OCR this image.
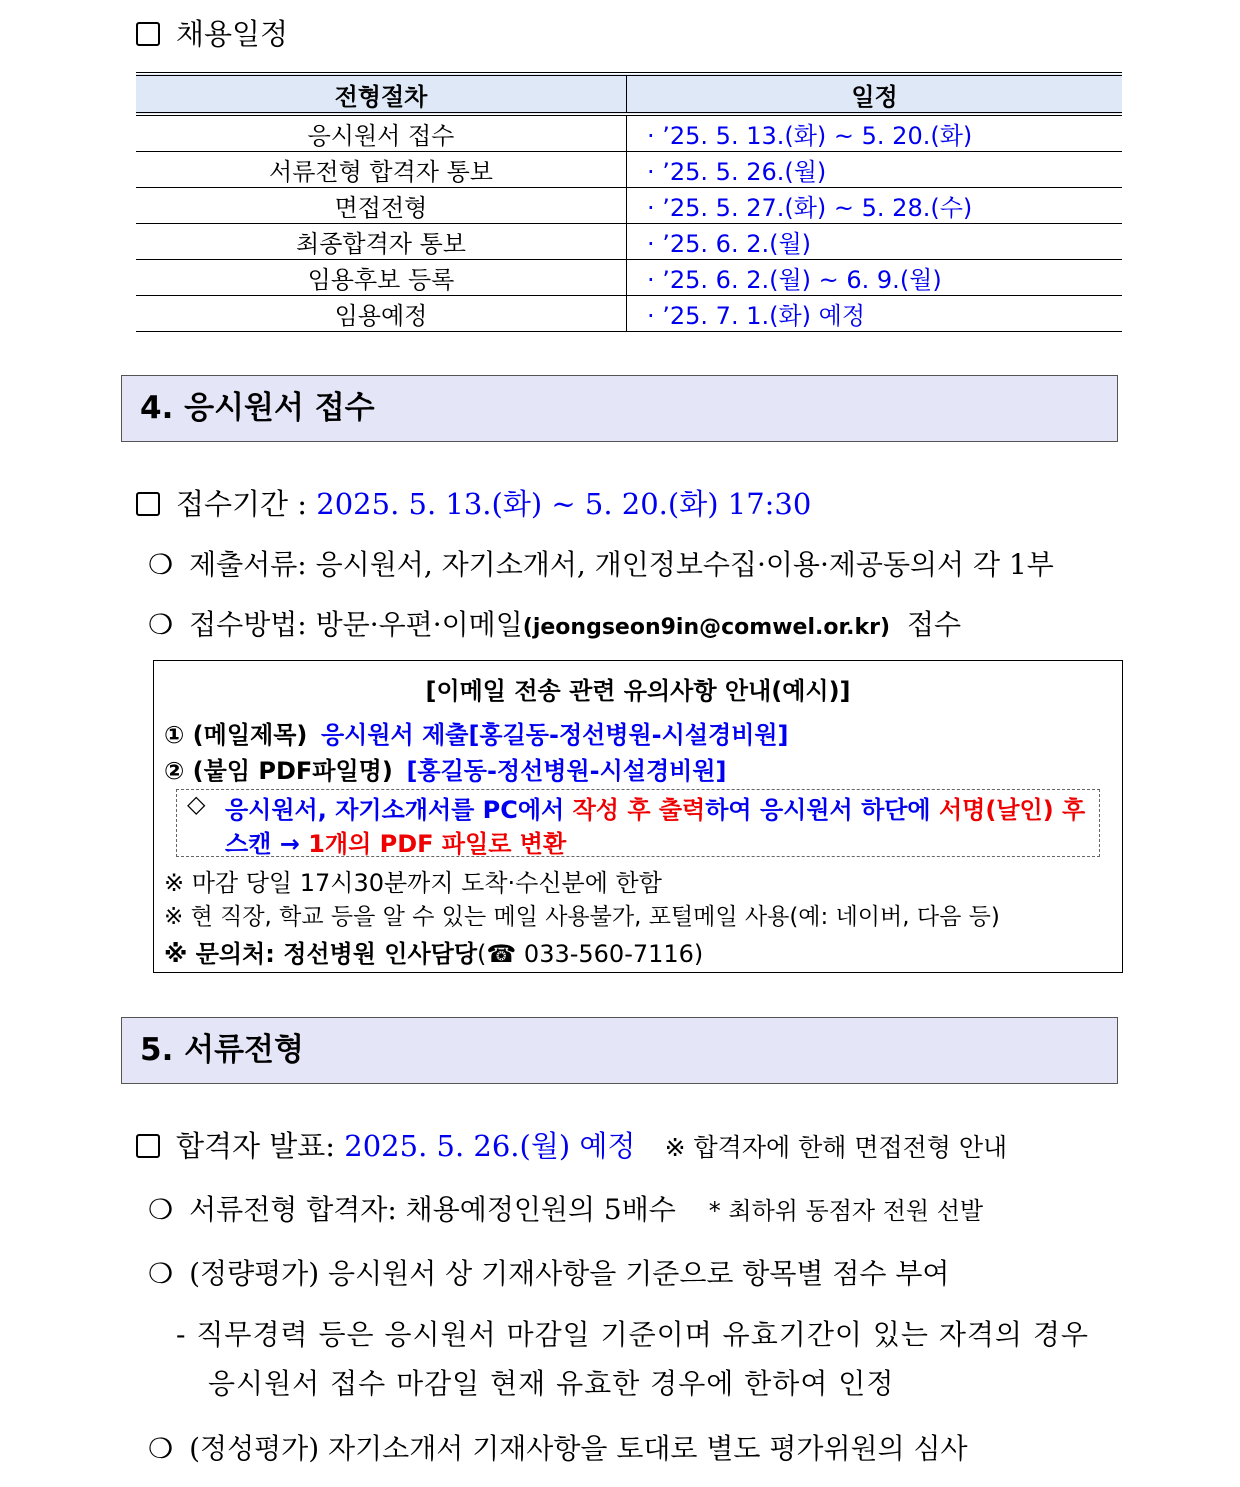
채용일정
전형절차	일정
응시원서 접수	· ’25. 5. 13.(화) ~ 5. 20.(화)
서류전형 합격자 통보	· ’25. 5. 26.(월)
면접전형	· ’25. 5. 27.(화) ~ 5. 28.(수)
최종합격자 통보	· ’25. 6. 2.(월)
임용후보 등록	· ’25. 6. 2.(월) ~ 6. 9.(월)
임용예정	· ’25. 7. 1.(화) 예정
4. 응시원서 접수
접수기간 : 2025. 5. 13.(화) ~ 5. 20.(화) 17:30
❍ 제출서류: 응시원서, 자기소개서, 개인정보수집·이용·제공동의서 각 1부
❍ 접수방법: 방문·우편·이메일(jeongseon9in@comwel.or.kr) 접수
[이메일 전송 관련 유의사항 안내(예시)]
① (메일제목) 응시원서 제출[홍길동-정선병원-시설경비원]
② (붙임 PDF파일명) [홍길동-정선병원-시설경비원]
◇ 응시원서, 자기소개서를 PC에서 작성 후 출력하여 응시원서 하단에 서명(날인) 후
스캔 → 1개의 PDF 파일로 변환
※ 마감 당일 17시30분까지 도착·수신분에 한함
※ 현 직장, 학교 등을 알 수 있는 메일 사용불가, 포털메일 사용(예: 네이버, 다음 등)
※ 문의처: 정선병원 인사담당(☎ 033-560-7116)
5. 서류전형
합격자 발표: 2025. 5. 26.(월) 예정 ※ 합격자에 한해 면접전형 안내
❍ 서류전형 합격자: 채용예정인원의 5배수 * 최하위 동점자 전원 선발
❍ (정량평가) 응시원서 상 기재사항을 기준으로 항목별 점수 부여
- 직무경력 등은 응시원서 마감일 기준이며 유효기간이 있는 자격의 경우
응시원서 접수 마감일 현재 유효한 경우에 한하여 인정
❍ (정성평가) 자기소개서 기재사항을 토대로 별도 평가위원의 심사
